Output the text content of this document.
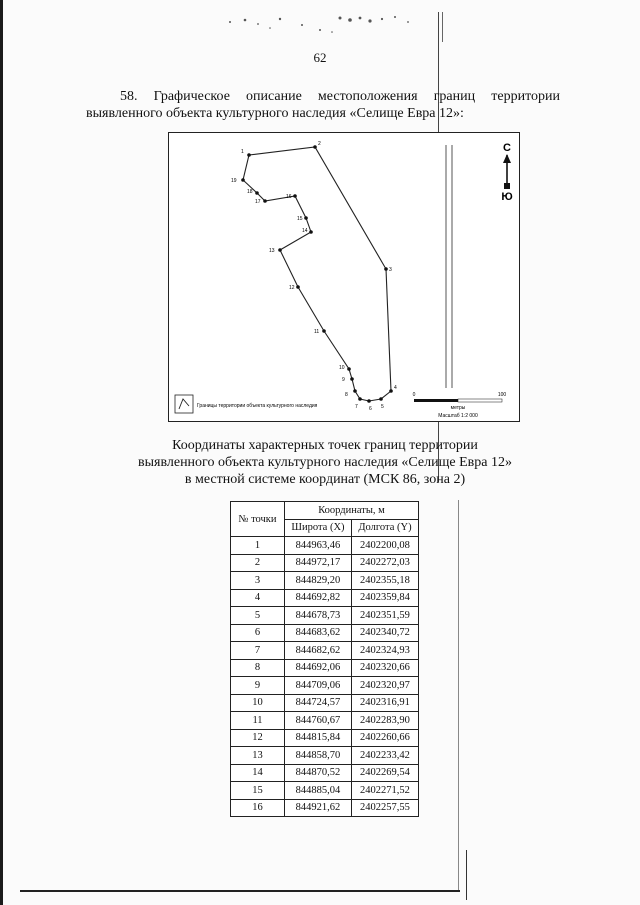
62
58. Графическое описание местоположения границ территории выявленного объекта культурного наследия «Селище Евра 12»:
1
2
3
4
5
6
7
8
9
10
11
12
13
14
15
16
17
18
19
С
Ю
Границы территории объекта культурного наследия
0	100
метры
Масштаб 1:2 000
Координаты характерных точек границ территории
выявленного объекта культурного наследия «Селище Евра 12»
в местной системе координат (МСК 86, зона 2)
№ точки	Координаты, м	
	Широта (X)	Долгота (Y)
1	844963,46	2402200,08
2	844972,17	2402272,03
3	844829,20	2402355,18
4	844692,82	2402359,84
5	844678,73	2402351,59
6	844683,62	2402340,72
7	844682,62	2402324,93
8	844692,06	2402320,66
9	844709,06	2402320,97
10	844724,57	2402316,91
11	844760,67	2402283,90
12	844815,84	2402260,66
13	844858,70	2402233,42
14	844870,52	2402269,54
15	844885,04	2402271,52
16	844921,62	2402257,55
